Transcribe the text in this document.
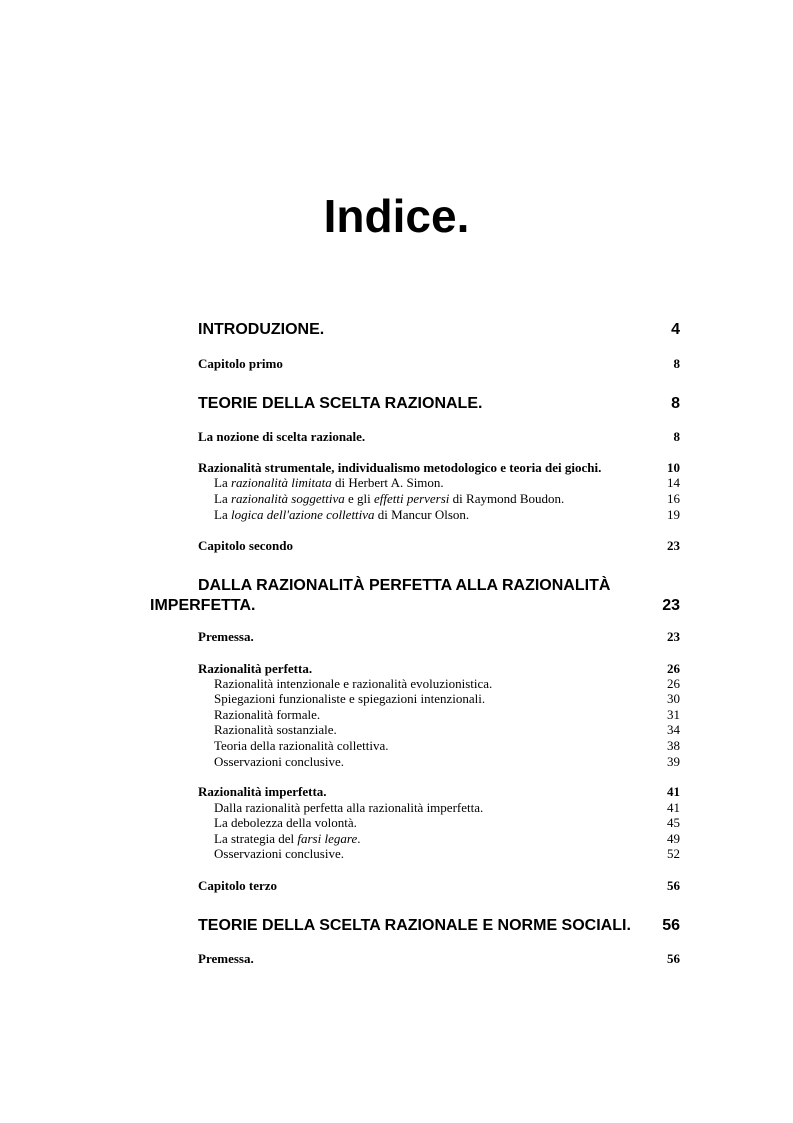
Indice.
INTRODUZIONE.	4
Capitolo primo	8
TEORIE DELLA SCELTA RAZIONALE.	8
La nozione di scelta razionale.	8
Razionalità strumentale, individualismo metodologico e teoria dei giochi.	10
La razionalità limitata di Herbert A. Simon.	14
La razionalità soggettiva e gli effetti perversi di Raymond Boudon.	16
La logica dell'azione collettiva di Mancur Olson.	19
Capitolo secondo	23
DALLA RAZIONALITÀ PERFETTA ALLA RAZIONALITÀ
IMPERFETTA.	23
Premessa.	23
Razionalità perfetta.	26
Razionalità intenzionale e razionalità evoluzionistica.	26
Spiegazioni funzionaliste e spiegazioni intenzionali.	30
Razionalità formale.	31
Razionalità sostanziale.	34
Teoria della razionalità collettiva.	38
Osservazioni conclusive.	39
Razionalità imperfetta.	41
Dalla razionalità perfetta alla razionalità imperfetta.	41
La debolezza della volontà.	45
La strategia del farsi legare.	49
Osservazioni conclusive.	52
Capitolo terzo	56
TEORIE DELLA SCELTA RAZIONALE E NORME SOCIALI. 56
Premessa.	56
